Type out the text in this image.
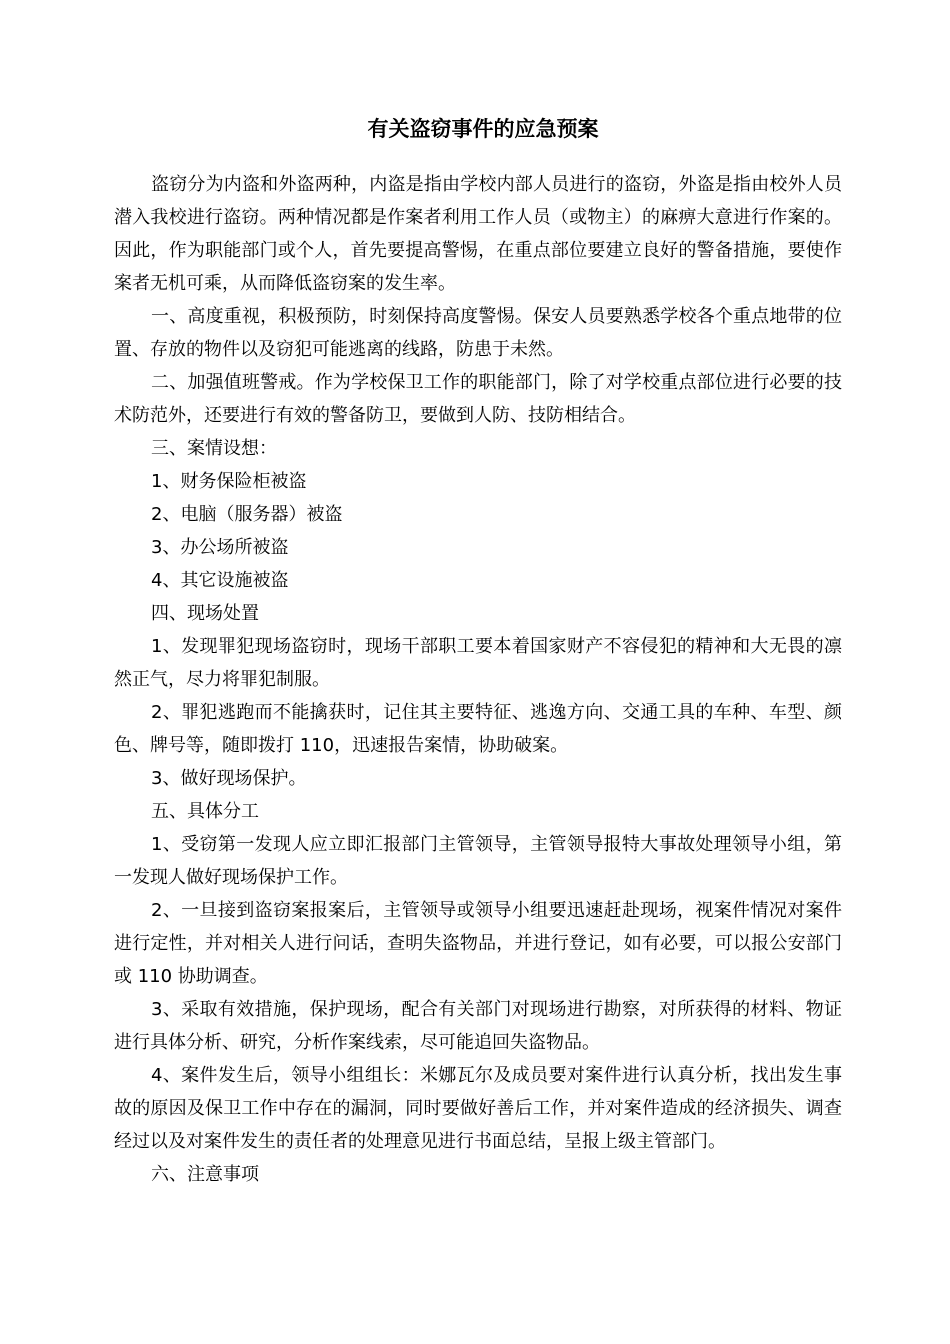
有关盗窃事件的应急预案

盗窃分为内盗和外盗两种，内盗是指由学校内部人员进行的盗窃，外盗是指由校外人员潜入我校进行盗窃。两种情况都是作案者利用工作人员（或物主）的麻痹大意进行作案的。因此，作为职能部门或个人，首先要提高警惕，在重点部位要建立良好的警备措施，要使作案者无机可乘，从而降低盗窃案的发生率。

一、高度重视，积极预防，时刻保持高度警惕。保安人员要熟悉学校各个重点地带的位置、存放的物件以及窃犯可能逃离的线路，防患于未然。

二、加强值班警戒。作为学校保卫工作的职能部门，除了对学校重点部位进行必要的技术防范外，还要进行有效的警备防卫，要做到人防、技防相结合。

三、案情设想：

1、财务保险柜被盗

2、电脑（服务器）被盗

3、办公场所被盗

4、其它设施被盗

四、现场处置

1、发现罪犯现场盗窃时，现场干部职工要本着国家财产不容侵犯的精神和大无畏的凛然正气，尽力将罪犯制服。

2、罪犯逃跑而不能擒获时，记住其主要特征、逃逸方向、交通工具的车种、车型、颜色、牌号等，随即拨打 110，迅速报告案情，协助破案。

3、做好现场保护。

五、具体分工

1、受窃第一发现人应立即汇报部门主管领导，主管领导报特大事故处理领导小组，第一发现人做好现场保护工作。

2、一旦接到盗窃案报案后，主管领导或领导小组要迅速赶赴现场，视案件情况对案件进行定性，并对相关人进行问话，查明失盗物品，并进行登记，如有必要，可以报公安部门或 110 协助调查。

3、采取有效措施，保护现场，配合有关部门对现场进行勘察，对所获得的材料、物证进行具体分析、研究，分析作案线索，尽可能追回失盗物品。

4、案件发生后，领导小组组长：米娜瓦尔及成员要对案件进行认真分析，找出发生事故的原因及保卫工作中存在的漏洞，同时要做好善后工作，并对案件造成的经济损失、调查经过以及对案件发生的责任者的处理意见进行书面总结，呈报上级主管部门。

六、注意事项
